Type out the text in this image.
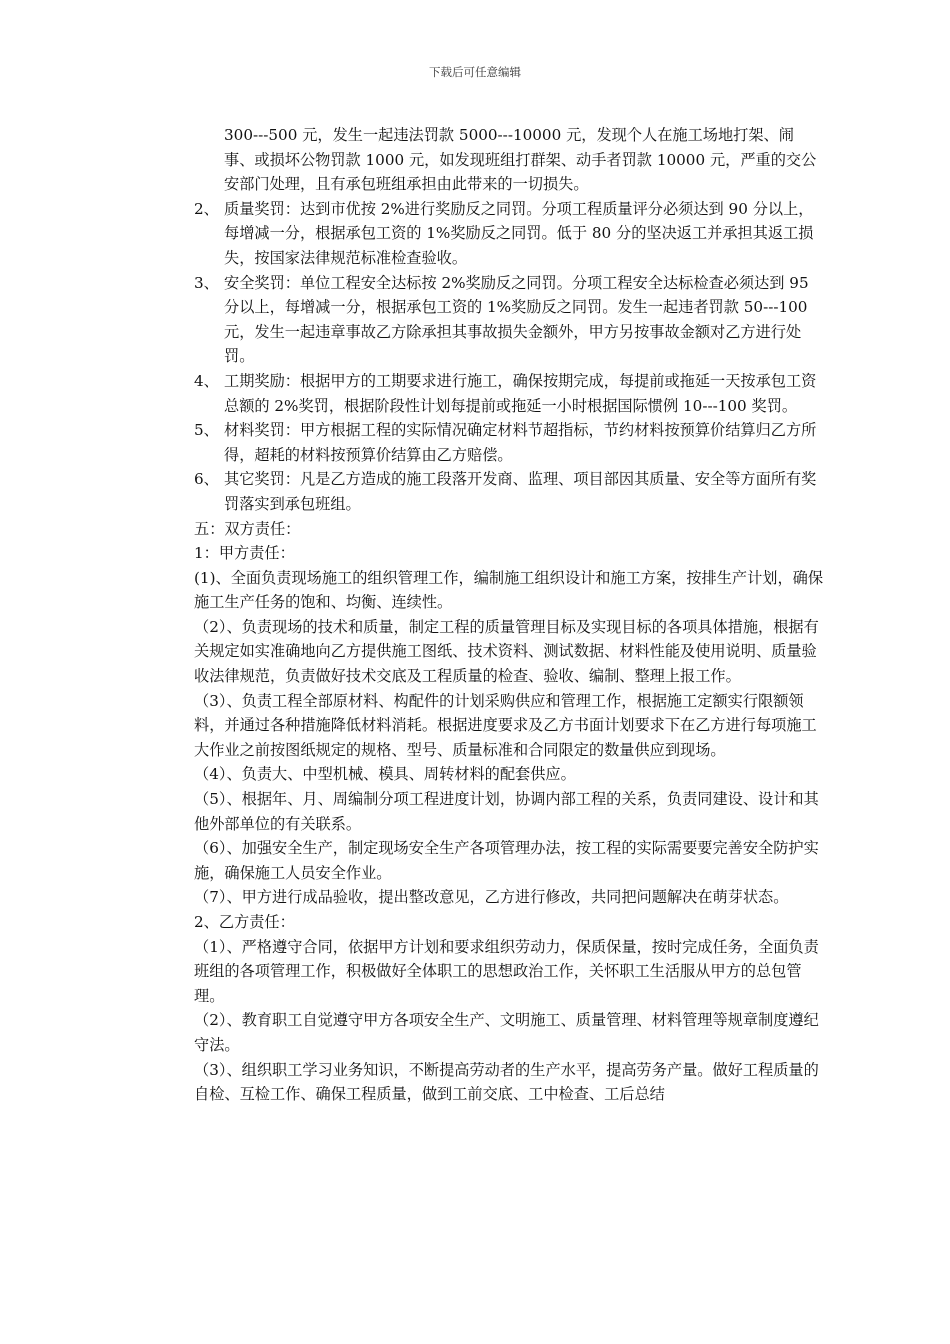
下载后可任意编辑

300---500 元，发生一起违法罚款 5000---10000 元，发现个人在施工场地打架、闹事、或损坏公物罚款 1000 元，如发现班组打群架、动手者罚款 10000 元，严重的交公安部门处理，且有承包班组承担由此带来的一切损失。

2、 质量奖罚：达到市优按 2%进行奖励反之同罚。分项工程质量评分必须达到 90 分以上，每增减一分，根据承包工资的 1%奖励反之同罚。低于 80 分的坚决返工并承担其返工损失，按国家法律规范标准检查验收。
3、 安全奖罚：单位工程安全达标按 2%奖励反之同罚。分项工程安全达标检查必须达到 95 分以上，每增减一分，根据承包工资的 1%奖励反之同罚。发生一起违者罚款 50---100 元，发生一起违章事故乙方除承担其事故损失金额外，甲方另按事故金额对乙方进行处罚。
4、 工期奖励：根据甲方的工期要求进行施工，确保按期完成，每提前或拖延一天按承包工资总额的 2%奖罚，根据阶段性计划每提前或拖延一小时根据国际惯例 10---100 奖罚。
5、 材料奖罚：甲方根据工程的实际情况确定材料节超指标，节约材料按预算价结算归乙方所得，超耗的材料按预算价结算由乙方赔偿。
6、 其它奖罚：凡是乙方造成的施工段落开发商、监理、项目部因其质量、安全等方面所有奖罚落实到承包班组。

五：双方责任：

1：甲方责任：

(1)、全面负责现场施工的组织管理工作，编制施工组织设计和施工方案，按排生产计划，确保施工生产任务的饱和、均衡、连续性。

（2）、负责现场的技术和质量，制定工程的质量管理目标及实现目标的各项具体措施，根据有关规定如实准确地向乙方提供施工图纸、技术资料、测试数据、材料性能及使用说明、质量验收法律规范，负责做好技术交底及工程质量的检查、验收、编制、整理上报工作。

（3）、负责工程全部原材料、构配件的计划采购供应和管理工作，根据施工定额实行限额领料，并通过各种措施降低材料消耗。根据进度要求及乙方书面计划要求下在乙方进行每项施工大作业之前按图纸规定的规格、型号、质量标准和合同限定的数量供应到现场。

（4）、负责大、中型机械、模具、周转材料的配套供应。

（5）、根据年、月、周编制分项工程进度计划，协调内部工程的关系，负责同建设、设计和其他外部单位的有关联系。

（6）、加强安全生产，制定现场安全生产各项管理办法，按工程的实际需要要完善安全防护实施，确保施工人员安全作业。

（7）、甲方进行成品验收，提出整改意见，乙方进行修改，共同把问题解决在萌芽状态。

2、乙方责任：

（1）、严格遵守合同，依据甲方计划和要求组织劳动力，保质保量，按时完成任务，全面负责班组的各项管理工作，积极做好全体职工的思想政治工作，关怀职工生活服从甲方的总包管理。

（2）、教育职工自觉遵守甲方各项安全生产、文明施工、质量管理、材料管理等规章制度遵纪守法。

（3）、组织职工学习业务知识，不断提高劳动者的生产水平，提高劳务产量。做好工程质量的自检、互检工作、确保工程质量，做到工前交底、工中检查、工后总结
